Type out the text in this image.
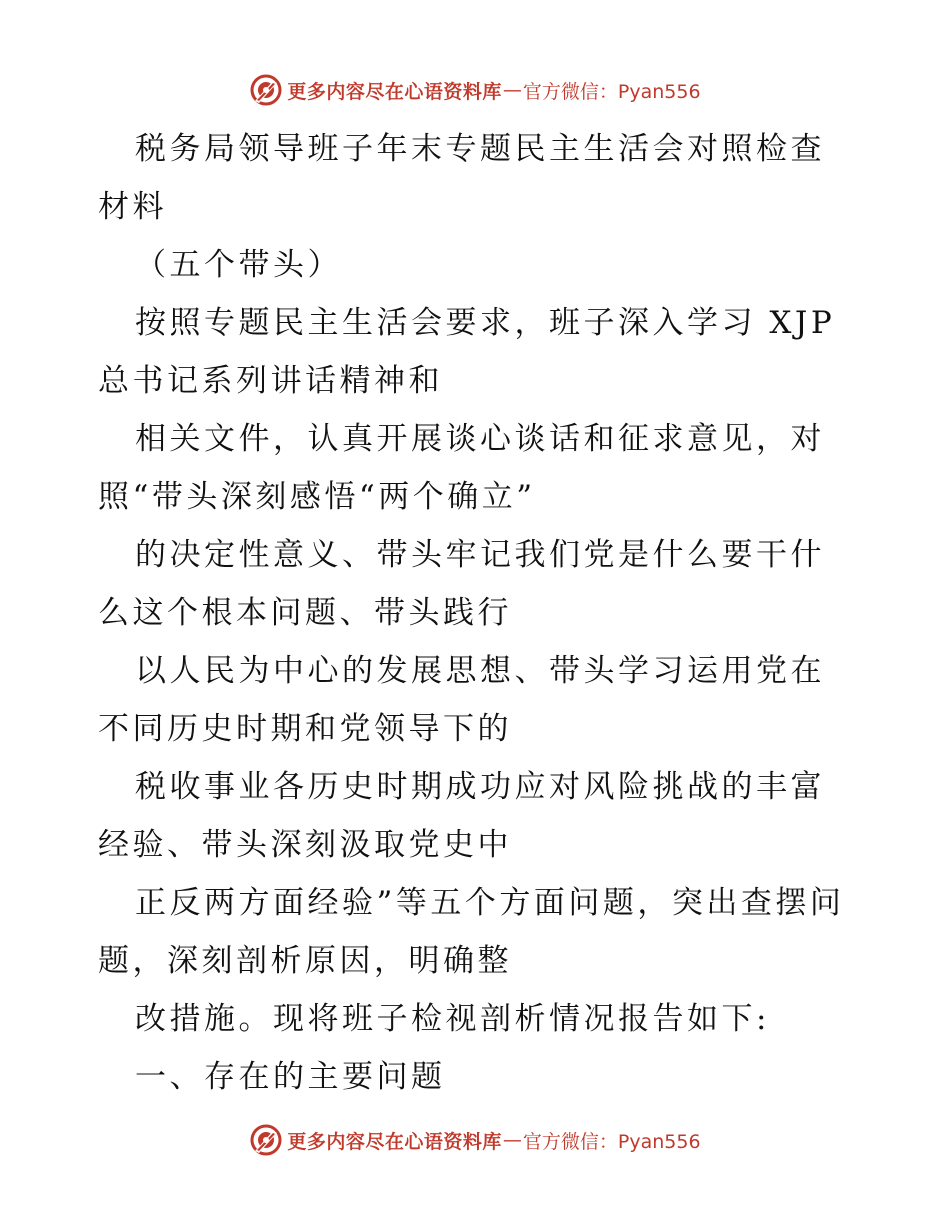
更多内容尽在心语资料库 — 官方微信：Pyan556

税务局领导班子年末专题民主生活会对照检查材料

（五个带头）

按照专题民主生活会要求，班子深入学习 XJP 总书记系列讲话精神和

相关文件，认真开展谈心谈话和征求意见，对照“带头深刻感悟“两个确立”

的决定性意义、带头牢记我们党是什么要干什么这个根本问题、带头践行

以人民为中心的发展思想、带头学习运用党在不同历史时期和党领导下的

税收事业各历史时期成功应对风险挑战的丰富经验、带头深刻汲取党史中

正反两方面经验”等五个方面问题，突出查摆问题，深刻剖析原因，明确整

改措施。现将班子检视剖析情况报告如下:

一、存在的主要问题

更多内容尽在心语资料库 — 官方微信：Pyan556
